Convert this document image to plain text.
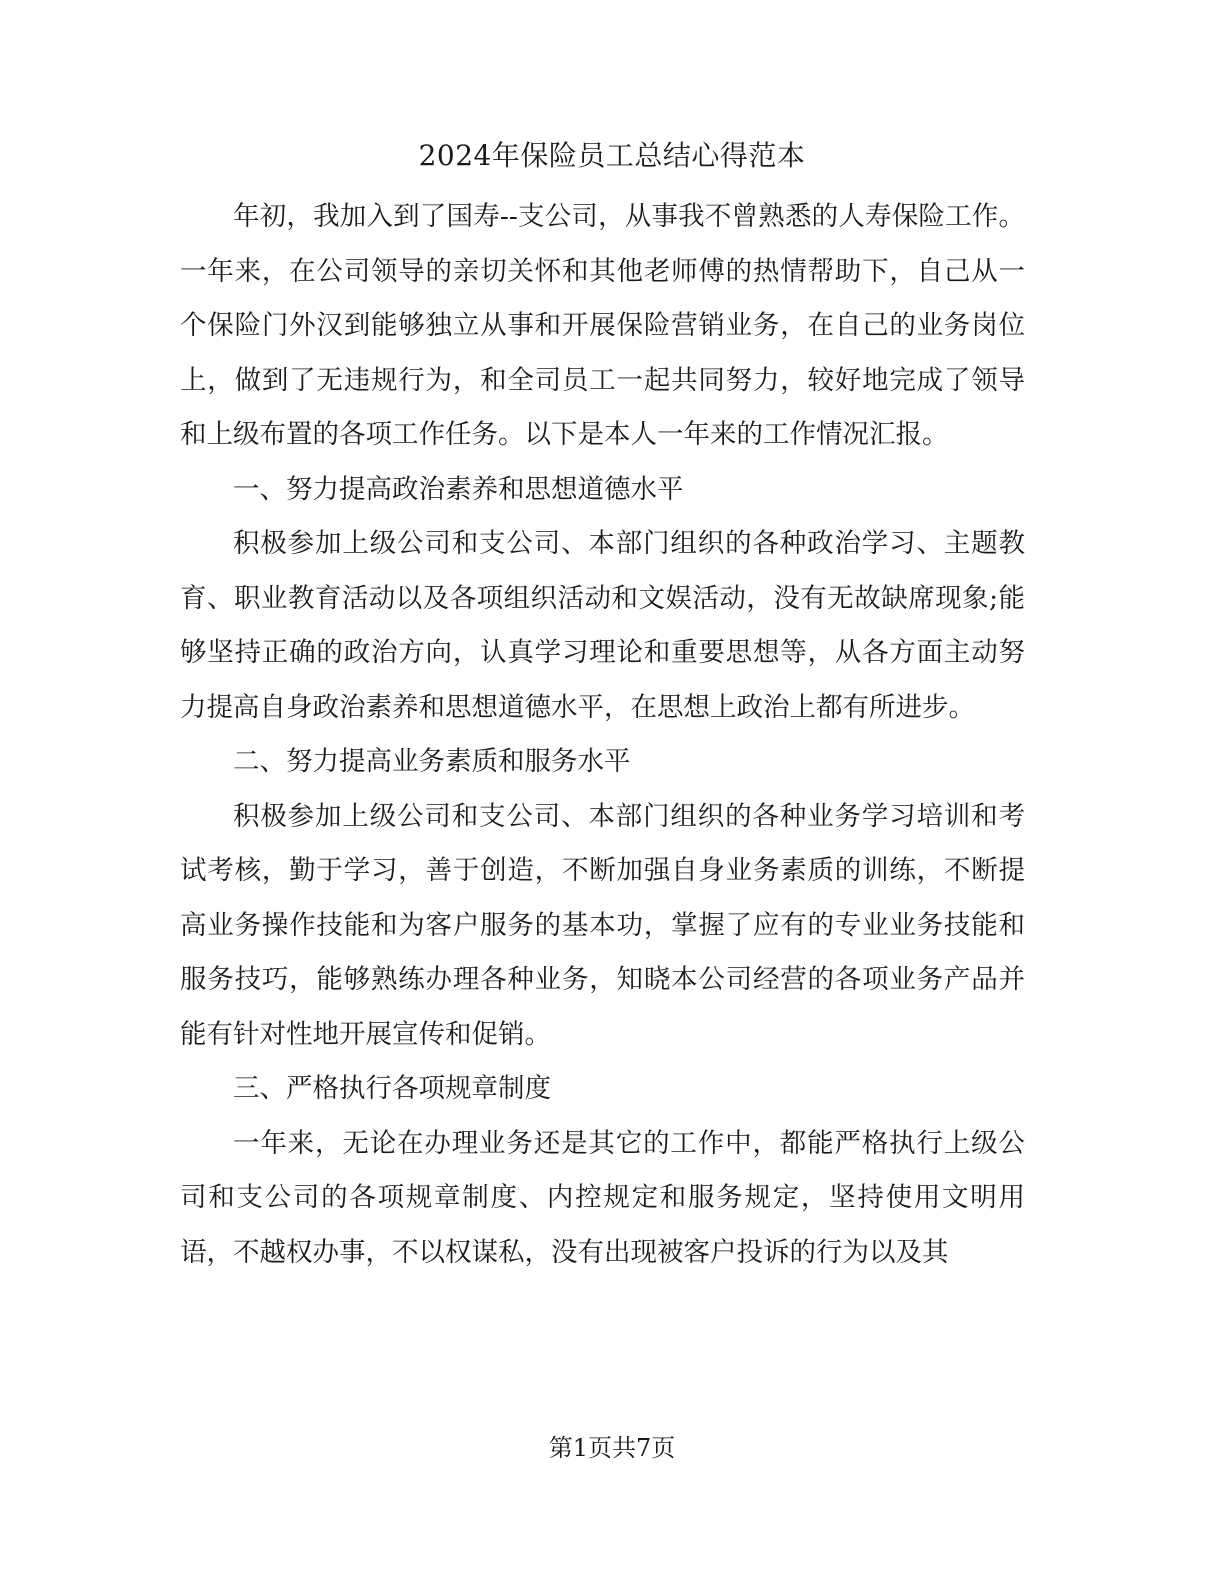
2024年保险员工总结心得范本

年初，我加入到了国寿--支公司，从事我不曾熟悉的人寿保险工作。一年来，在公司领导的亲切关怀和其他老师傅的热情帮助下，自己从一个保险门外汉到能够独立从事和开展保险营销业务，在自己的业务岗位上，做到了无违规行为，和全司员工一起共同努力，较好地完成了领导和上级布置的各项工作任务。以下是本人一年来的工作情况汇报。

一、努力提高政治素养和思想道德水平

积极参加上级公司和支公司、本部门组织的各种政治学习、主题教育、职业教育活动以及各项组织活动和文娱活动，没有无故缺席现象;能够坚持正确的政治方向，认真学习理论和重要思想等，从各方面主动努力提高自身政治素养和思想道德水平，在思想上政治上都有所进步。

二、努力提高业务素质和服务水平

积极参加上级公司和支公司、本部门组织的各种业务学习培训和考试考核，勤于学习，善于创造，不断加强自身业务素质的训练，不断提高业务操作技能和为客户服务的基本功，掌握了应有的专业业务技能和服务技巧，能够熟练办理各种业务，知晓本公司经营的各项业务产品并能有针对性地开展宣传和促销。

三、严格执行各项规章制度

一年来，无论在办理业务还是其它的工作中，都能严格执行上级公司和支公司的各项规章制度、内控规定和服务规定，坚持使用文明用语，不越权办事，不以权谋私，没有出现被客户投诉的行为以及其

第1页共7页
